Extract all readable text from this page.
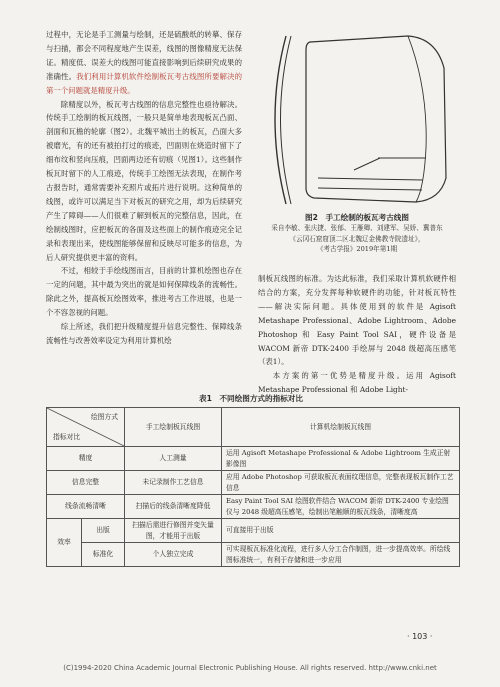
过程中，无论是手工测量与绘制，还是硫酸纸的转摹、保存与扫描，都会不同程度地产生误差，线图的图像精度无法保证。精度低、误差大的线图可能直接影响到后续研究成果的准确性。我们利用计算机软件绘制板瓦考古线图所要解决的第一个问题就是精度升级。

除精度以外，板瓦考古线图的信息完整性也亟待解决。传统手工绘制的板瓦线图，一般只是简单地表现板瓦凸面、剖面和瓦檐的轮廓（图2）。北魏平城出土的板瓦，凸面大多被磨光，有的还有被拍打过的痕迹，凹面则在烧造时留下了细布纹和竖向压痕，凹面两边还有切痕（见图1）。这些制作板瓦时留下的人工痕迹，传统手工绘图无法表现，在制作考古报告时，通常需要补充照片或拓片进行说明。这种简单的线图，或许可以满足当下对板瓦的研究之用，却为后续研究产生了障碍——人们很难了解到板瓦的完整信息，因此，在绘制线图时，应把板瓦的各面及这些面上的制作痕迹完全记录和表现出来，使线图能够保留和反映尽可能多的信息，为后人研究提供更丰富的资料。

不过，相较于手绘线图而言，目前的计算机绘图也存在一定的问题，其中最为突出的就是如何保障线条的流畅性。除此之外，提高板瓦绘图效率，推进考古工作进展，也是一个不容忽视的问题。

综上所述，我们把升级精度提升信息完整性、保障线条流畅性与改善效率设定为利用计算机绘

图2　手工绘制的板瓦考古线图
采自李敏、张庆捷、张郁、王雁卿、刘建军、吴娇、冀普东
《云冈石窟窟顶二区北魏辽金佛教寺院遗址》，
《考古学报》2019年第1期

制板瓦线图的标准。为达此标准，我们采取计算机软硬件相结合的方案，充分发挥每种软硬件的功能，针对板瓦特性——解决实际问题。具体使用到的软件是 Agisoft Metashape Professional、Adobe Lightroom、Adobe Photoshop 和 Easy Paint Tool SAI，硬件设备是 WACOM 新帝 DTK-2400 手绘屏与 2048 级超高压感笔（表1）。

本方案的第一优势是精度升级。运用 Agisoft Metashape Professional 和 Adobe Light-

表1　不同绘图方式的指标对比
绘图方式
指标对比		手工绘制板瓦线图	计算机绘制板瓦线图
精度		人工测量	运用 Agisoft Metashape Professional & Adobe Lightroom 生成正射影像图
信息完整		未记录制作工艺信息	应用 Adobe Photoshop 可获取板瓦表面纹理信息，完整表现板瓦制作工艺信息
线条流畅清晰		扫描后的线条清晰度降低	Easy Paint Tool SAI 绘图软件结合 WACOM 新帝 DTK-2400 专业绘图仪与 2048 级超高压感笔，绘制出笔触顺的板瓦线条，清晰度高
效率	出版	扫描后需进行修图并变矢量图，才能用于出版	可直接用于出版
	标准化	个人独立完成	可实现板瓦标准化流程，进行多人分工合作制图，进一步提高效率。所绘线图标准统一，有利于存储和进一步应用
· 103 ·
(C)1994-2020 China Academic Journal Electronic Publishing House. All rights reserved. http://www.cnki.net
